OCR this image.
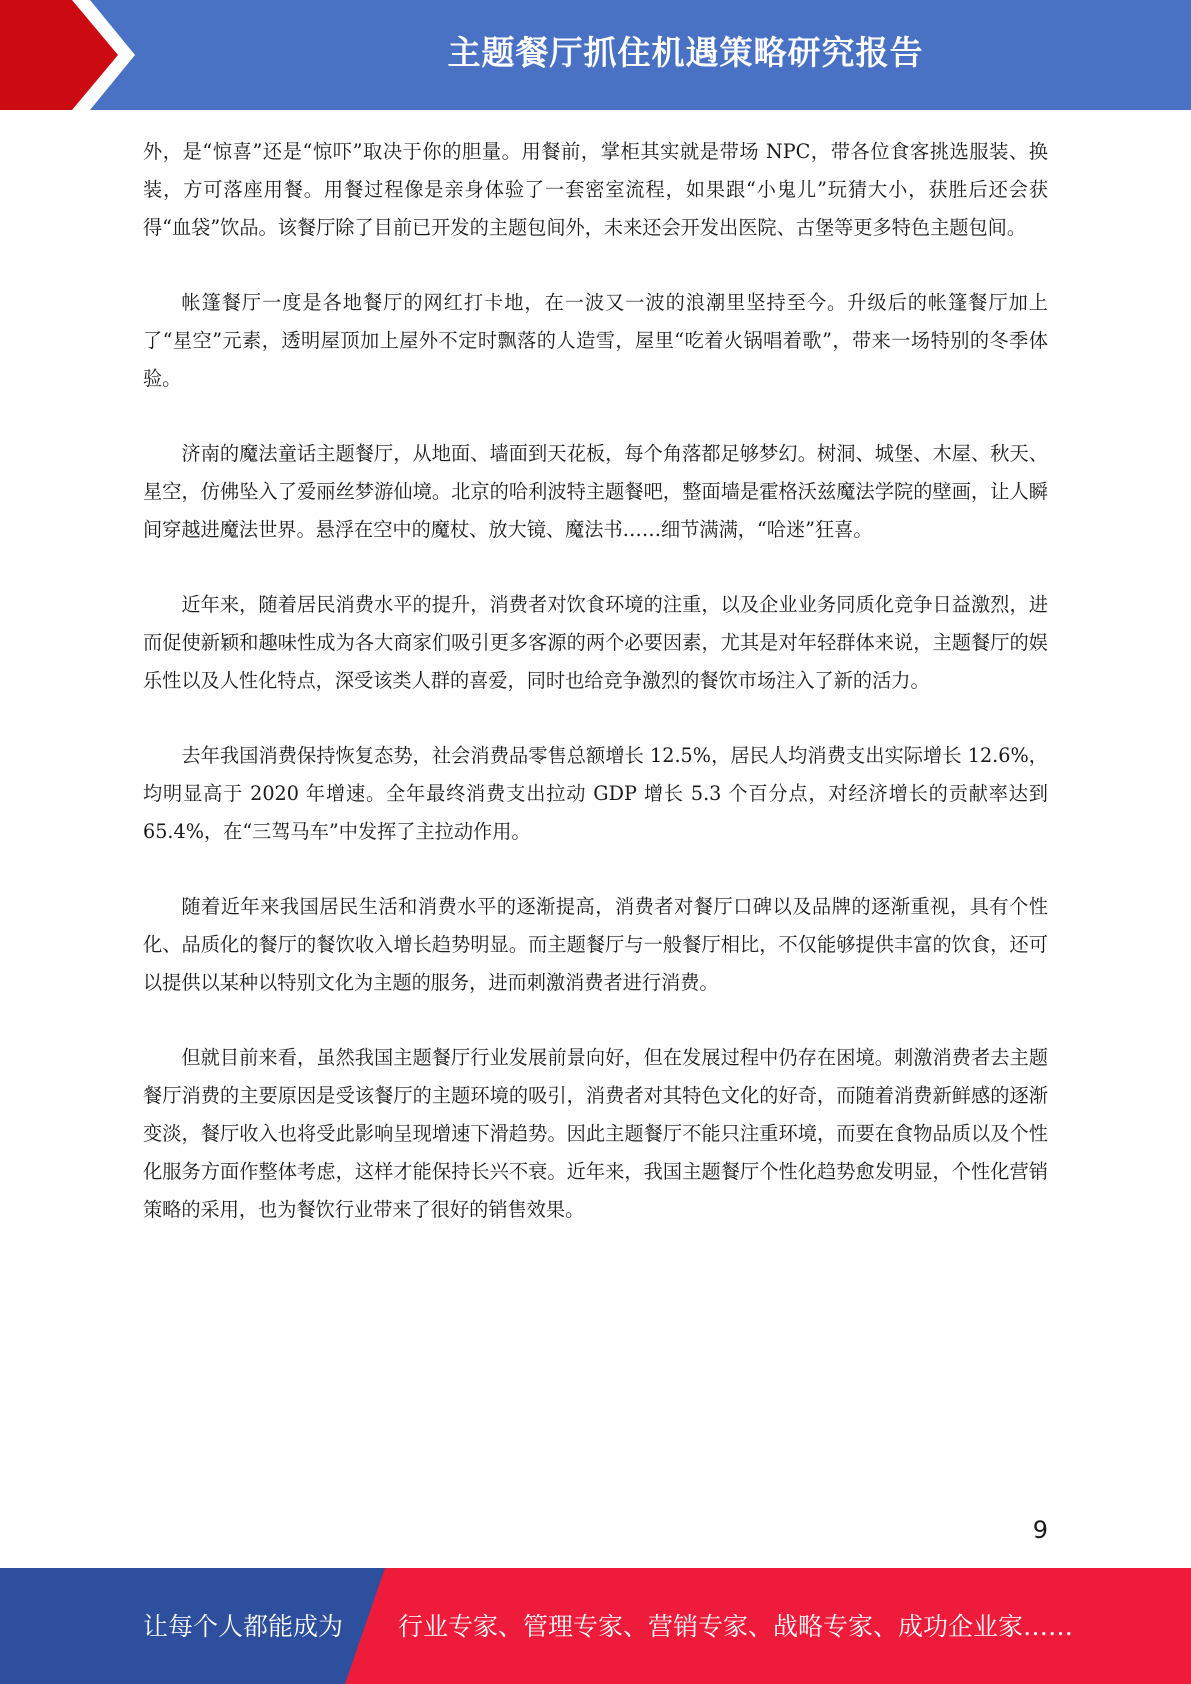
主题餐厅抓住机遇策略研究报告

外，是“惊喜”还是“惊吓”取决于你的胆量。用餐前，掌柜其实就是带场 NPC，带各位食客挑选服装、换装，方可落座用餐。用餐过程像是亲身体验了一套密室流程，如果跟“小鬼儿”玩猜大小，获胜后还会获得“血袋”饮品。该餐厅除了目前已开发的主题包间外，未来还会开发出医院、古堡等更多特色主题包间。

帐篷餐厅一度是各地餐厅的网红打卡地，在一波又一波的浪潮里坚持至今。升级后的帐篷餐厅加上了“星空”元素，透明屋顶加上屋外不定时飘落的人造雪，屋里“吃着火锅唱着歌”，带来一场特别的冬季体验。

济南的魔法童话主题餐厅，从地面、墙面到天花板，每个角落都足够梦幻。树洞、城堡、木屋、秋天、星空，仿佛坠入了爱丽丝梦游仙境。北京的哈利波特主题餐吧，整面墙是霍格沃兹魔法学院的壁画，让人瞬间穿越进魔法世界。悬浮在空中的魔杖、放大镜、魔法书……细节满满，“哈迷”狂喜。

近年来，随着居民消费水平的提升，消费者对饮食环境的注重，以及企业业务同质化竞争日益激烈，进而促使新颖和趣味性成为各大商家们吸引更多客源的两个必要因素，尤其是对年轻群体来说，主题餐厅的娱乐性以及人性化特点，深受该类人群的喜爱，同时也给竞争激烈的餐饮市场注入了新的活力。

去年我国消费保持恢复态势，社会消费品零售总额增长 12.5%，居民人均消费支出实际增长 12.6%，均明显高于 2020 年增速。全年最终消费支出拉动 GDP 增长 5.3 个百分点，对经济增长的贡献率达到 65.4%，在“三驾马车”中发挥了主拉动作用。

随着近年来我国居民生活和消费水平的逐渐提高，消费者对餐厅口碑以及品牌的逐渐重视，具有个性化、品质化的餐厅的餐饮收入增长趋势明显。而主题餐厅与一般餐厅相比，不仅能够提供丰富的饮食，还可以提供以某种以特别文化为主题的服务，进而刺激消费者进行消费。

但就目前来看，虽然我国主题餐厅行业发展前景向好，但在发展过程中仍存在困境。刺激消费者去主题餐厅消费的主要原因是受该餐厅的主题环境的吸引，消费者对其特色文化的好奇，而随着消费新鲜感的逐渐变淡，餐厅收入也将受此影响呈现增速下滑趋势。因此主题餐厅不能只注重环境，而要在食物品质以及个性化服务方面作整体考虑，这样才能保持长兴不衰。近年来，我国主题餐厅个性化趋势愈发明显，个性化营销策略的采用，也为餐饮行业带来了很好的销售效果。

9
让每个人都能成为 行业专家、管理专家、营销专家、战略专家、成功企业家……
